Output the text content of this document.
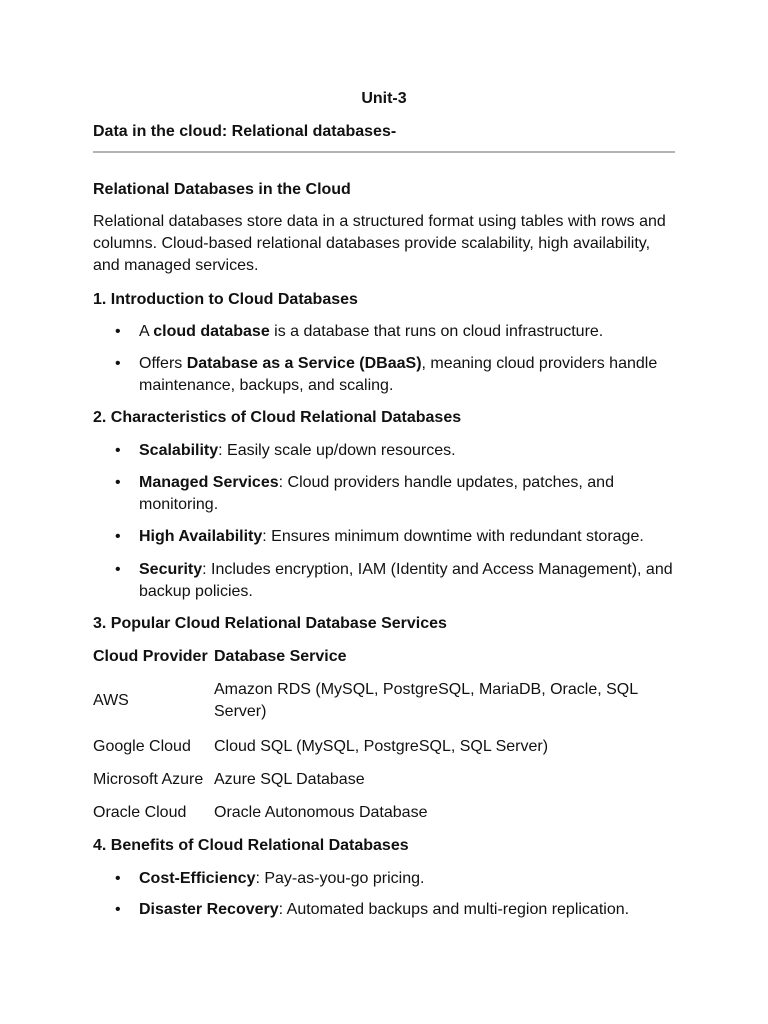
Unit-3
Data in the cloud: Relational databases-
Relational Databases in the Cloud
Relational databases store data in a structured format using tables with rows and columns. Cloud-based relational databases provide scalability, high availability, and managed services.
1. Introduction to Cloud Databases
• A cloud database is a database that runs on cloud infrastructure.
• Offers Database as a Service (DBaaS), meaning cloud providers handle maintenance, backups, and scaling.
2. Characteristics of Cloud Relational Databases
• Scalability: Easily scale up/down resources.
• Managed Services: Cloud providers handle updates, patches, and monitoring.
• High Availability: Ensures minimum downtime with redundant storage.
• Security: Includes encryption, IAM (Identity and Access Management), and backup policies.
3. Popular Cloud Relational Database Services
Cloud Provider Database Service
AWS
Amazon RDS (MySQL, PostgreSQL, MariaDB, Oracle, SQL Server)
Google Cloud	Cloud SQL (MySQL, PostgreSQL, SQL Server)
Microsoft Azure Azure SQL Database
Oracle Cloud	Oracle Autonomous Database
4. Benefits of Cloud Relational Databases
• Cost-Efficiency: Pay-as-you-go pricing.
• Disaster Recovery: Automated backups and multi-region replication.
